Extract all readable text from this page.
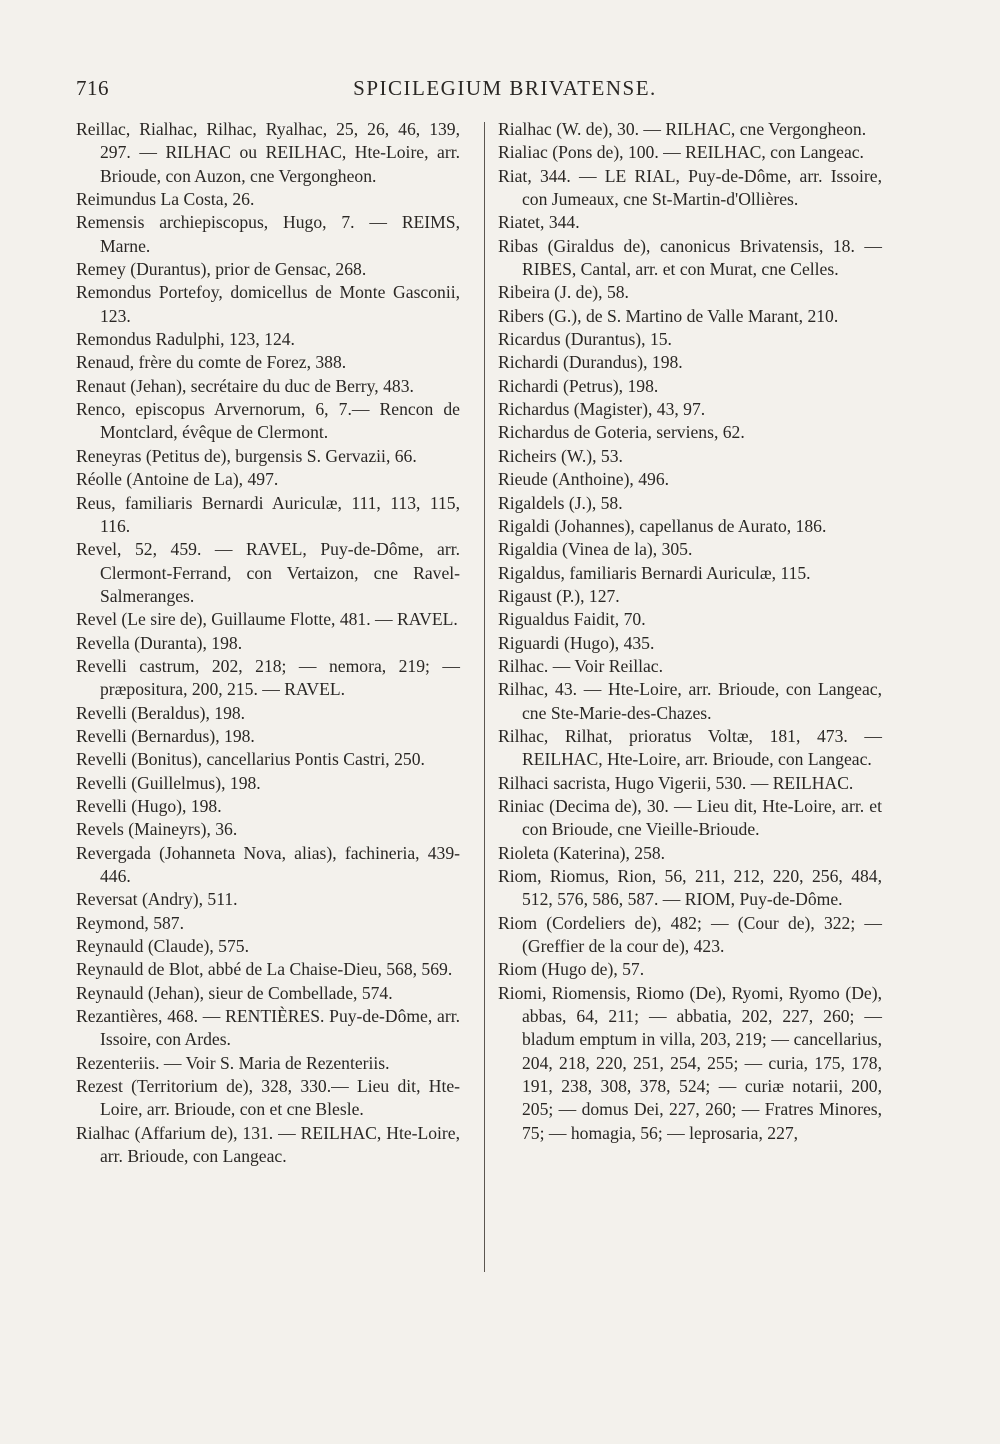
716	SPICILEGIUM BRIVATENSE.
Reillac, Rialhac, Rilhac, Ryalhac, 25, 26, 46, 139, 297. — RILHAC ou REILHAC, Hte-Loire, arr. Brioude, con Auzon, cne Vergongheon.
Reimundus La Costa, 26.
Remensis archiepiscopus, Hugo, 7. — REIMS, Marne.
Remey (Durantus), prior de Gensac, 268.
Remondus Portefoy, domicellus de Monte Gasconii, 123.
Remondus Radulphi, 123, 124.
Renaud, frère du comte de Forez, 388.
Renaut (Jehan), secrétaire du duc de Berry, 483.
Renco, episcopus Arvernorum, 6, 7.— Rencon de Montclard, évêque de Clermont.
Reneyras (Petitus de), burgensis S. Gervazii, 66.
Réolle (Antoine de La), 497.
Reus, familiaris Bernardi Auriculæ, 111, 113, 115, 116.
Revel, 52, 459. — RAVEL, Puy-de-Dôme, arr. Clermont-Ferrand, con Vertaizon, cne Ravel-Salmeranges.
Revel (Le sire de), Guillaume Flotte, 481. — RAVEL.
Revella (Duranta), 198.
Revelli castrum, 202, 218; — nemora, 219; — præpositura, 200, 215. — RAVEL.
Revelli (Beraldus), 198.
Revelli (Bernardus), 198.
Revelli (Bonitus), cancellarius Pontis Castri, 250.
Revelli (Guillelmus), 198.
Revelli (Hugo), 198.
Revels (Maineyrs), 36.
Revergada (Johanneta Nova, alias), fachineria, 439-446.
Reversat (Andry), 511.
Reymond, 587.
Reynauld (Claude), 575.
Reynauld de Blot, abbé de La Chaise-Dieu, 568, 569.
Reynauld (Jehan), sieur de Combellade, 574.
Rezantières, 468. — RENTIÈRES. Puy-de-Dôme, arr. Issoire, con Ardes.
Rezenteriis. — Voir S. Maria de Rezenteriis.
Rezest (Territorium de), 328, 330.— Lieu dit, Hte-Loire, arr. Brioude, con et cne Blesle.
Rialhac (Affarium de), 131. — REILHAC, Hte-Loire, arr. Brioude, con Langeac.
Rialhac (W. de), 30. — RILHAC, cne Vergongheon.
Rialiac (Pons de), 100. — REILHAC, con Langeac.
Riat, 344. — LE RIAL, Puy-de-Dôme, arr. Issoire, con Jumeaux, cne St-Martin-d'Ollières.
Riatet, 344.
Ribas (Giraldus de), canonicus Brivatensis, 18. — RIBES, Cantal, arr. et con Murat, cne Celles.
Ribeira (J. de), 58.
Ribers (G.), de S. Martino de Valle Marant, 210.
Ricardus (Durantus), 15.
Richardi (Durandus), 198.
Richardi (Petrus), 198.
Richardus (Magister), 43, 97.
Richardus de Goteria, serviens, 62.
Richeirs (W.), 53.
Rieude (Anthoine), 496.
Rigaldels (J.), 58.
Rigaldi (Johannes), capellanus de Aurato, 186.
Rigaldia (Vinea de la), 305.
Rigaldus, familiaris Bernardi Auriculæ, 115.
Rigaust (P.), 127.
Rigualdus Faidit, 70.
Riguardi (Hugo), 435.
Rilhac. — Voir Reillac.
Rilhac, 43. — Hte-Loire, arr. Brioude, con Langeac, cne Ste-Marie-des-Chazes.
Rilhac, Rilhat, prioratus Voltæ, 181, 473. — REILHAC, Hte-Loire, arr. Brioude, con Langeac.
Rilhaci sacrista, Hugo Vigerii, 530. — REILHAC.
Riniac (Decima de), 30. — Lieu dit, Hte-Loire, arr. et con Brioude, cne Vieille-Brioude.
Rioleta (Katerina), 258.
Riom, Riomus, Rion, 56, 211, 212, 220, 256, 484, 512, 576, 586, 587. — RIOM, Puy-de-Dôme.
Riom (Cordeliers de), 482; — (Cour de), 322; — (Greffier de la cour de), 423.
Riom (Hugo de), 57.
Riomi, Riomensis, Riomo (De), Ryomi, Ryomo (De), abbas, 64, 211; — abbatia, 202, 227, 260; — bladum emptum in villa, 203, 219; — cancellarius, 204, 218, 220, 251, 254, 255; — curia, 175, 178, 191, 238, 308, 378, 524; — curiæ notarii, 200, 205; — domus Dei, 227, 260; — Fratres Minores, 75; — homagia, 56; — leprosaria, 227,
